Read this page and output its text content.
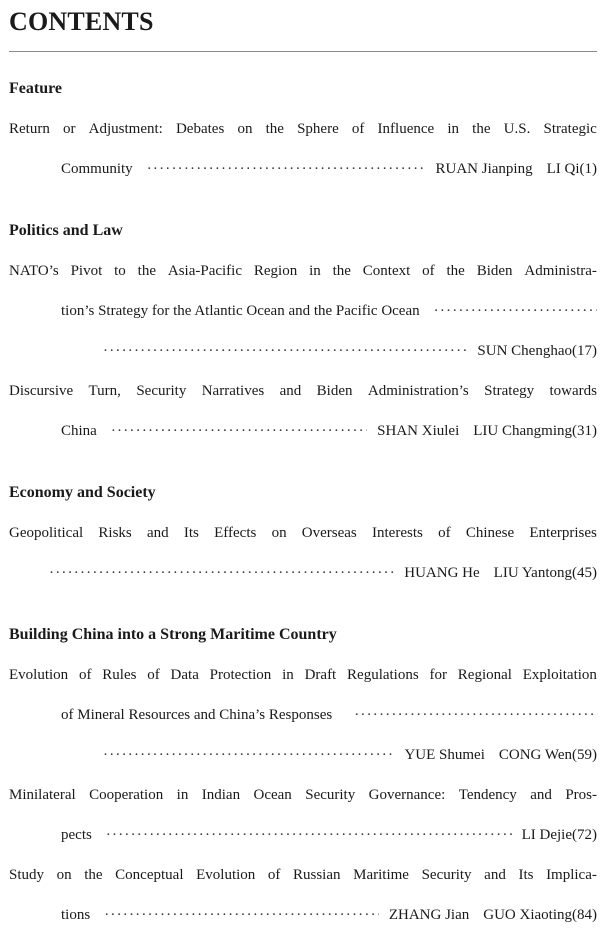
CONTENTS
Feature
Return or Adjustment: Debates on the Sphere of Influence in the U.S. Strategic
Community ·····	RUAN Jianping LI Qi(1)
Politics and Law
NATO’s Pivot to the Asia-Pacific Region in the Context of the Biden Administra-
tion’s Strategy for the Atlantic Ocean and the Pacific Ocean
·····
·····
SUN Chenghao(17)
Discursive Turn, Security Narratives and Biden Administration’s Strategy towards
China ·····	SHAN Xiulei LIU Changming(31)
Economy and Society
Geopolitical Risks and Its Effects on Overseas Interests of Chinese Enterprises
·····
HUANG He LIU Yantong(45)
Building China into a Strong Maritime Country
Evolution of Rules of Data Protection in Draft Regulations for Regional Exploitation
of Mineral Resources and China’s Responses
·····
·····
YUE Shumei CONG Wen(59)
Minilateral Cooperation in Indian Ocean Security Governance: Tendency and Pros-
pects ·····	LI Dejie(72)
Study on the Conceptual Evolution of Russian Maritime Security and Its Implica-
tions ·····	ZHANG Jian GUO Xiaoting(84)
